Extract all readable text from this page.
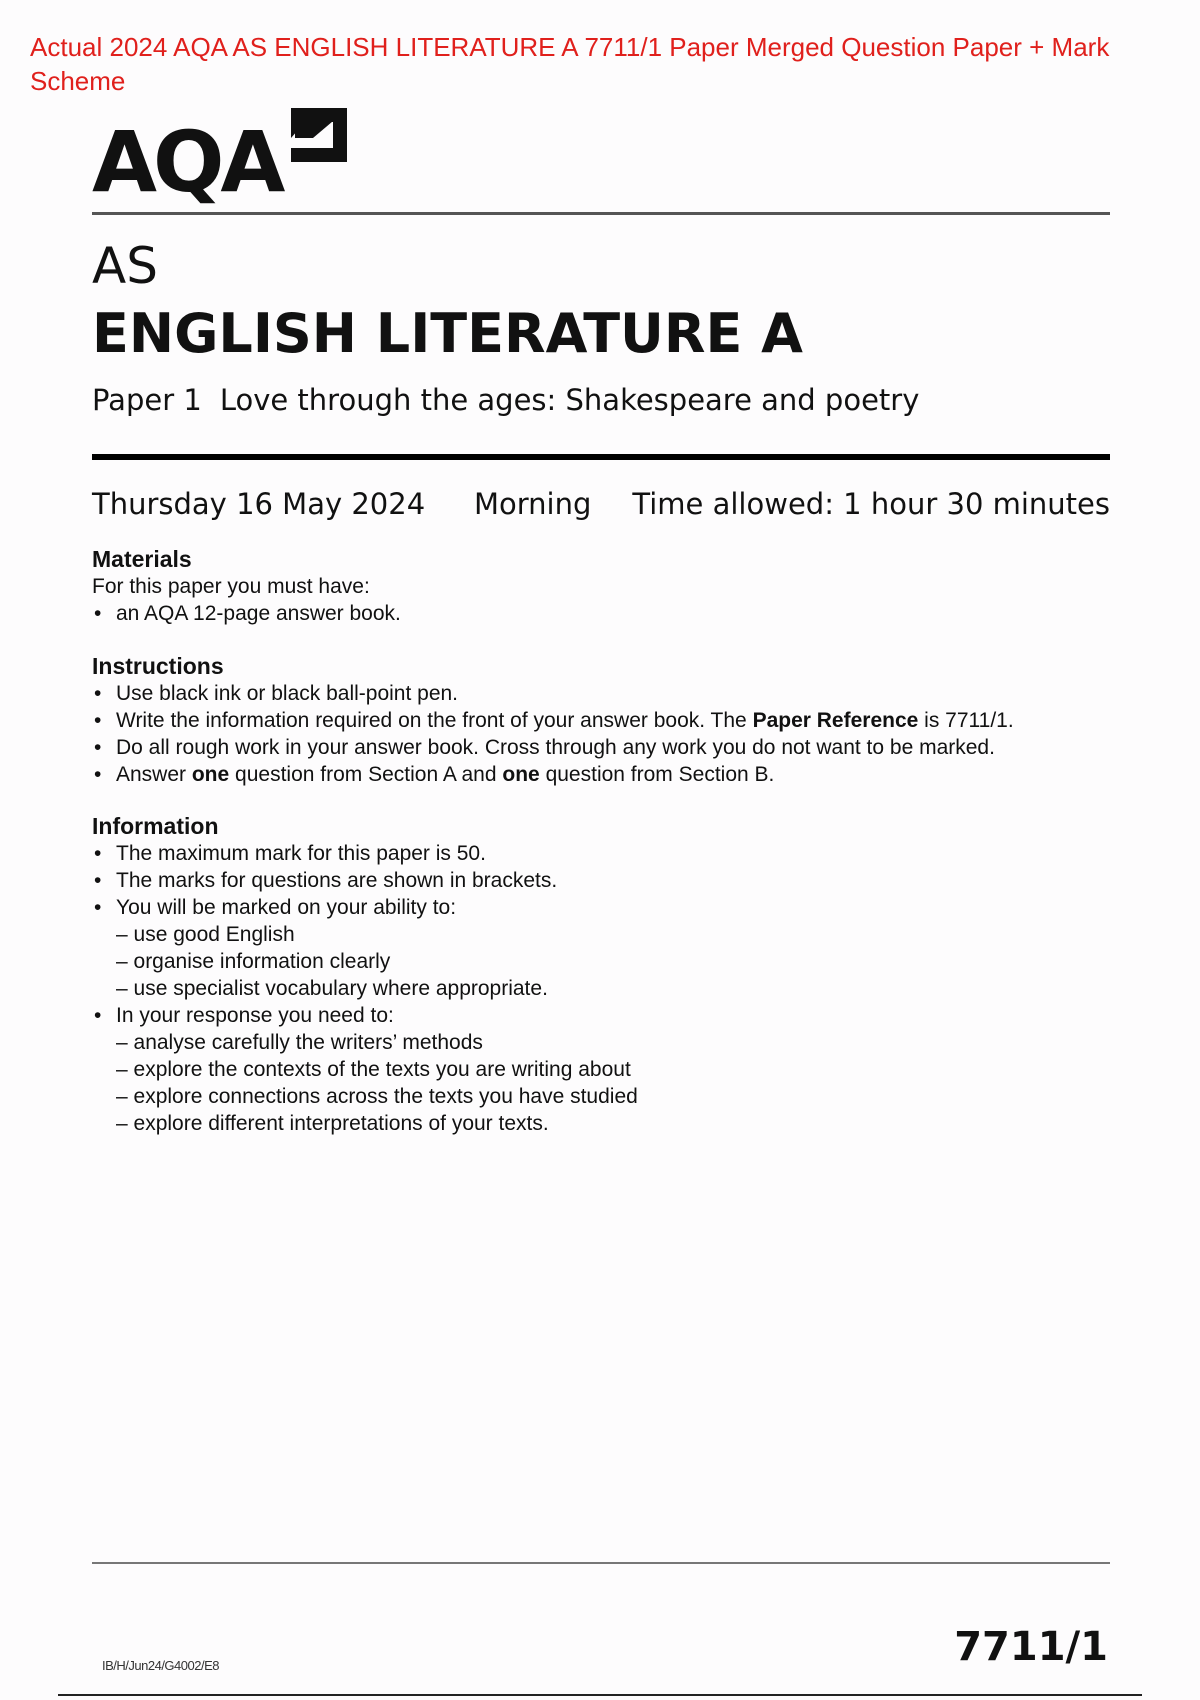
Actual 2024 AQA AS ENGLISH LITERATURE A 7711/1 Paper Merged Question Paper + Mark Scheme
AQA
AS
ENGLISH LITERATURE A
Paper 1 Love through the ages: Shakespeare and poetry
Thursday 16 May 2024 Morning Time allowed: 1 hour 30 minutes
Materials

For this paper you must have:

• an AQA 12-page answer book.
Instructions
• Use black ink or black ball-point pen.
• Write the information required on the front of your answer book. The Paper Reference is 7711/1.
• Do all rough work in your answer book. Cross through any work you do not want to be marked.
• Answer one question from Section A and one question from Section B.
Information
• The maximum mark for this paper is 50.
• The marks for questions are shown in brackets.
• You will be marked on your ability to:
– use good English
– organise information clearly
– use specialist vocabulary where appropriate.
• In your response you need to:
– analyse carefully the writers’ methods
– explore the contexts of the texts you are writing about
– explore connections across the texts you have studied
– explore different interpretations of your texts.
IB/H/Jun24/G4002/E8	7711/1
